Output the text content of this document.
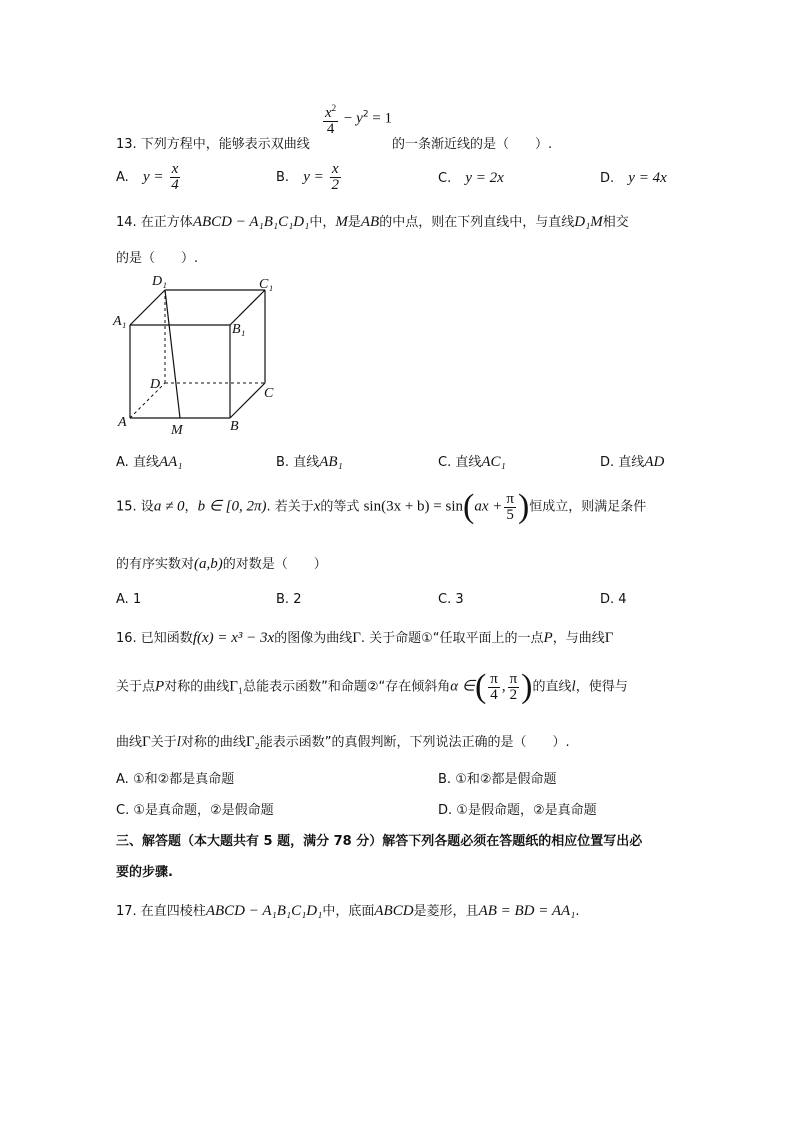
$\frac{x^2}{4} - y^2 = 1$
13. 下列方程中，能够表示双曲线	的一条渐近线的是（　　）.
A. $y = \frac{x}{4}$	B. $y = \frac{x}{2}$	C. y = 2x	D. y = 4x
14. 在正方体ABCD − A₁B₁C₁D₁中，M是AB的中点，则在下列直线中，与直线D₁M相交
的是（　　）.
D₁	C₁
A₁
B₁
D
C
A
M	B
A. 直线AA₁	B. 直线AB₁	C. 直线AC₁	D. 直线AD
15. 设a ≠ 0，b ∈ [0, 2π). 若关于x的等式 $\sin(3x + b) = \sin(ax + \frac{\pi}{5}$ )恒成立，则满足条件
的有序实数对(a,b)的对数是（　　）
A. 1	B. 2	C. 3	D. 4
16. 已知函数f(x) = x³ − 3x的图像为曲线Γ. 关于命题①“任取平面上的一点P，与曲线Γ
关于点P对称的曲线Γ₁总能表示函数”和命题②“存在倾斜角α ∈( $\frac{\pi}{4}$ , $\frac{\pi}{2}$ )的直线l，使得与
曲线Γ关于l对称的曲线Γ₂能表示函数”的真假判断，下列说法正确的是（　　）.
A. ①和②都是真命题	B. ①和②都是假命题
C. ①是真命题，②是假命题	D. ①是假命题，②是真命题
三、解答题（本大题共有 5 题，满分 78 分）解答下列各题必须在答题纸的相应位置写出必
要的步骤.
17. 在直四棱柱ABCD − A₁B₁C₁D₁中，底面ABCD是菱形，且AB = BD = AA₁.
